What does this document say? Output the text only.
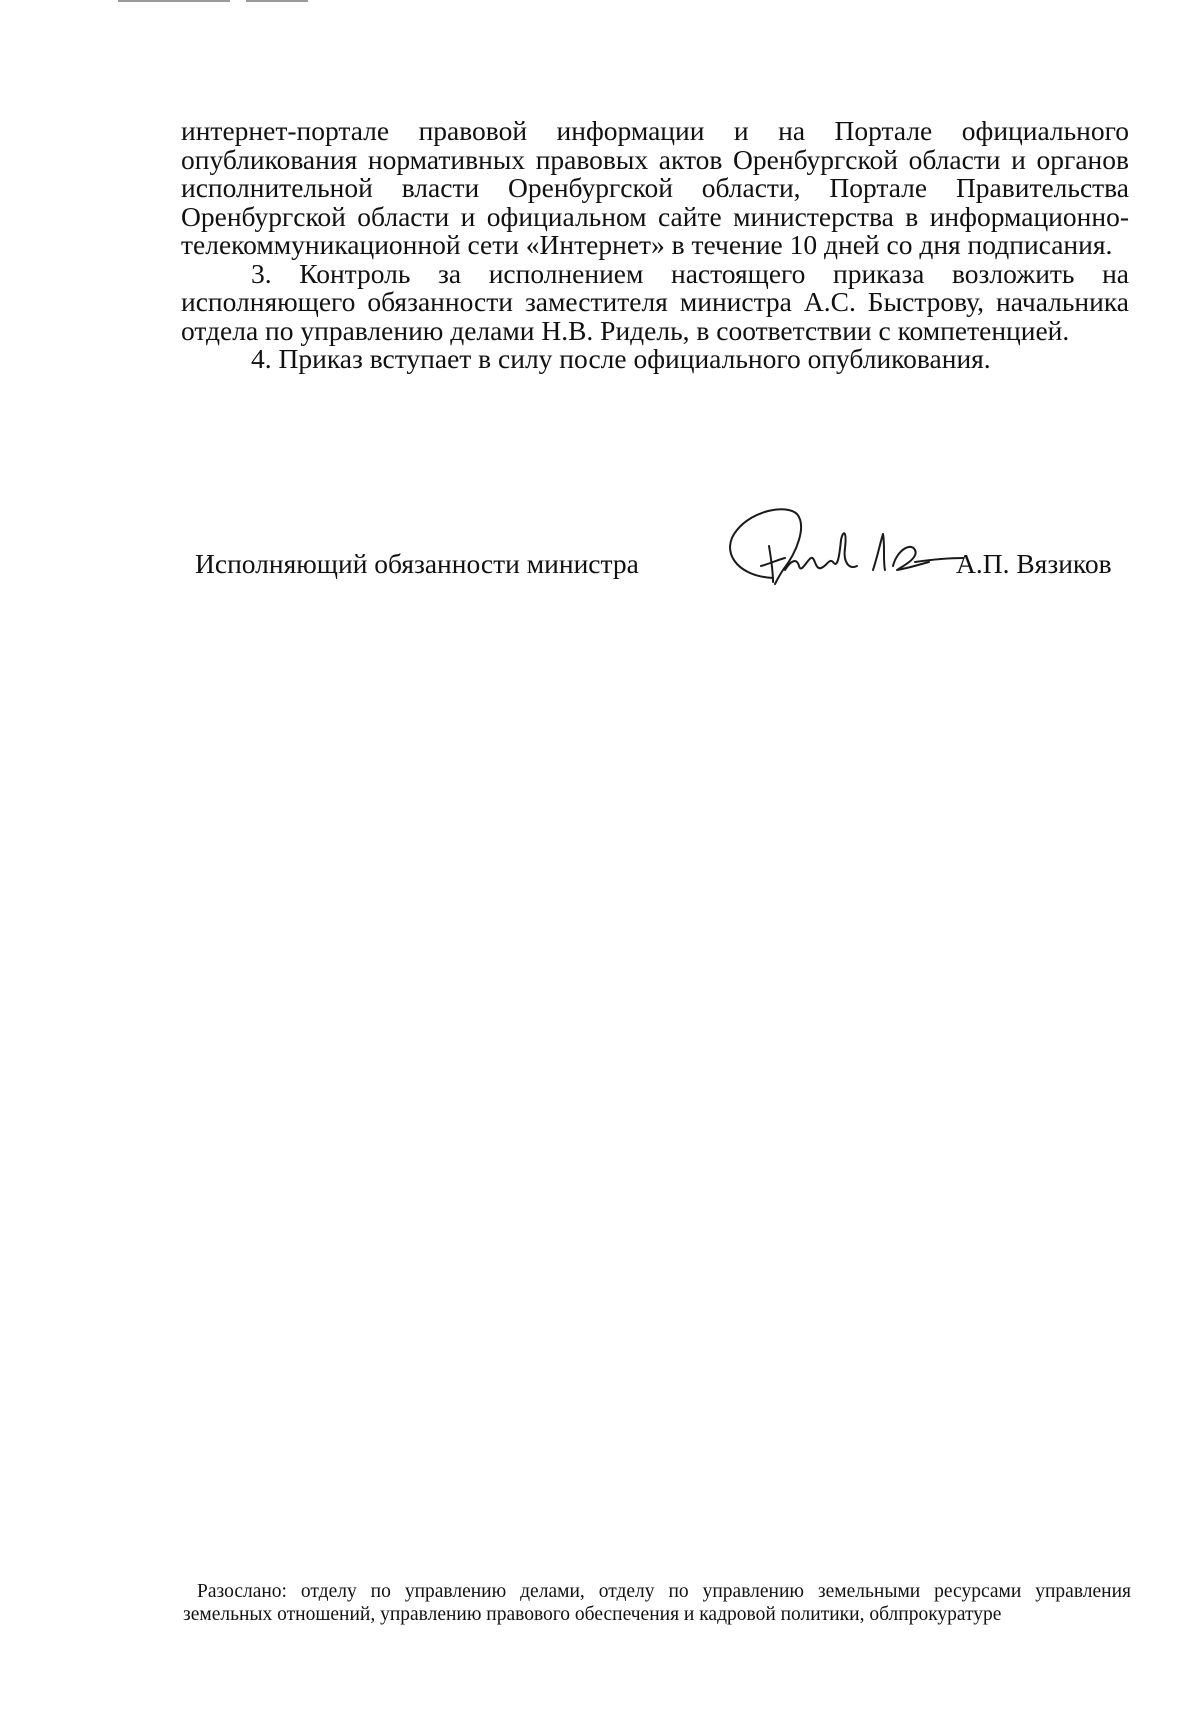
интернет-портале правовой информации и на Портале официального опубликования нормативных правовых актов Оренбургской области и органов исполнительной власти Оренбургской области, Портале Правительства Оренбургской области и официальном сайте министерства в информационно-телекоммуникационной сети «Интернет» в течение 10 дней со дня подписания.

3. Контроль за исполнением настоящего приказа возложить на исполняющего обязанности заместителя министра А.С. Быстрову, начальника отдела по управлению делами Н.В. Ридель, в соответствии с компетенцией.

4. Приказ вступает в силу после официального опубликования.

Исполняющий обязанности министра	А.П. Вязиков
Разослано: отделу по управлению делами, отделу по управлению земельными ресурсами управления земельных отношений, управлению правового обеспечения и кадровой политики, облпрокуратуре
